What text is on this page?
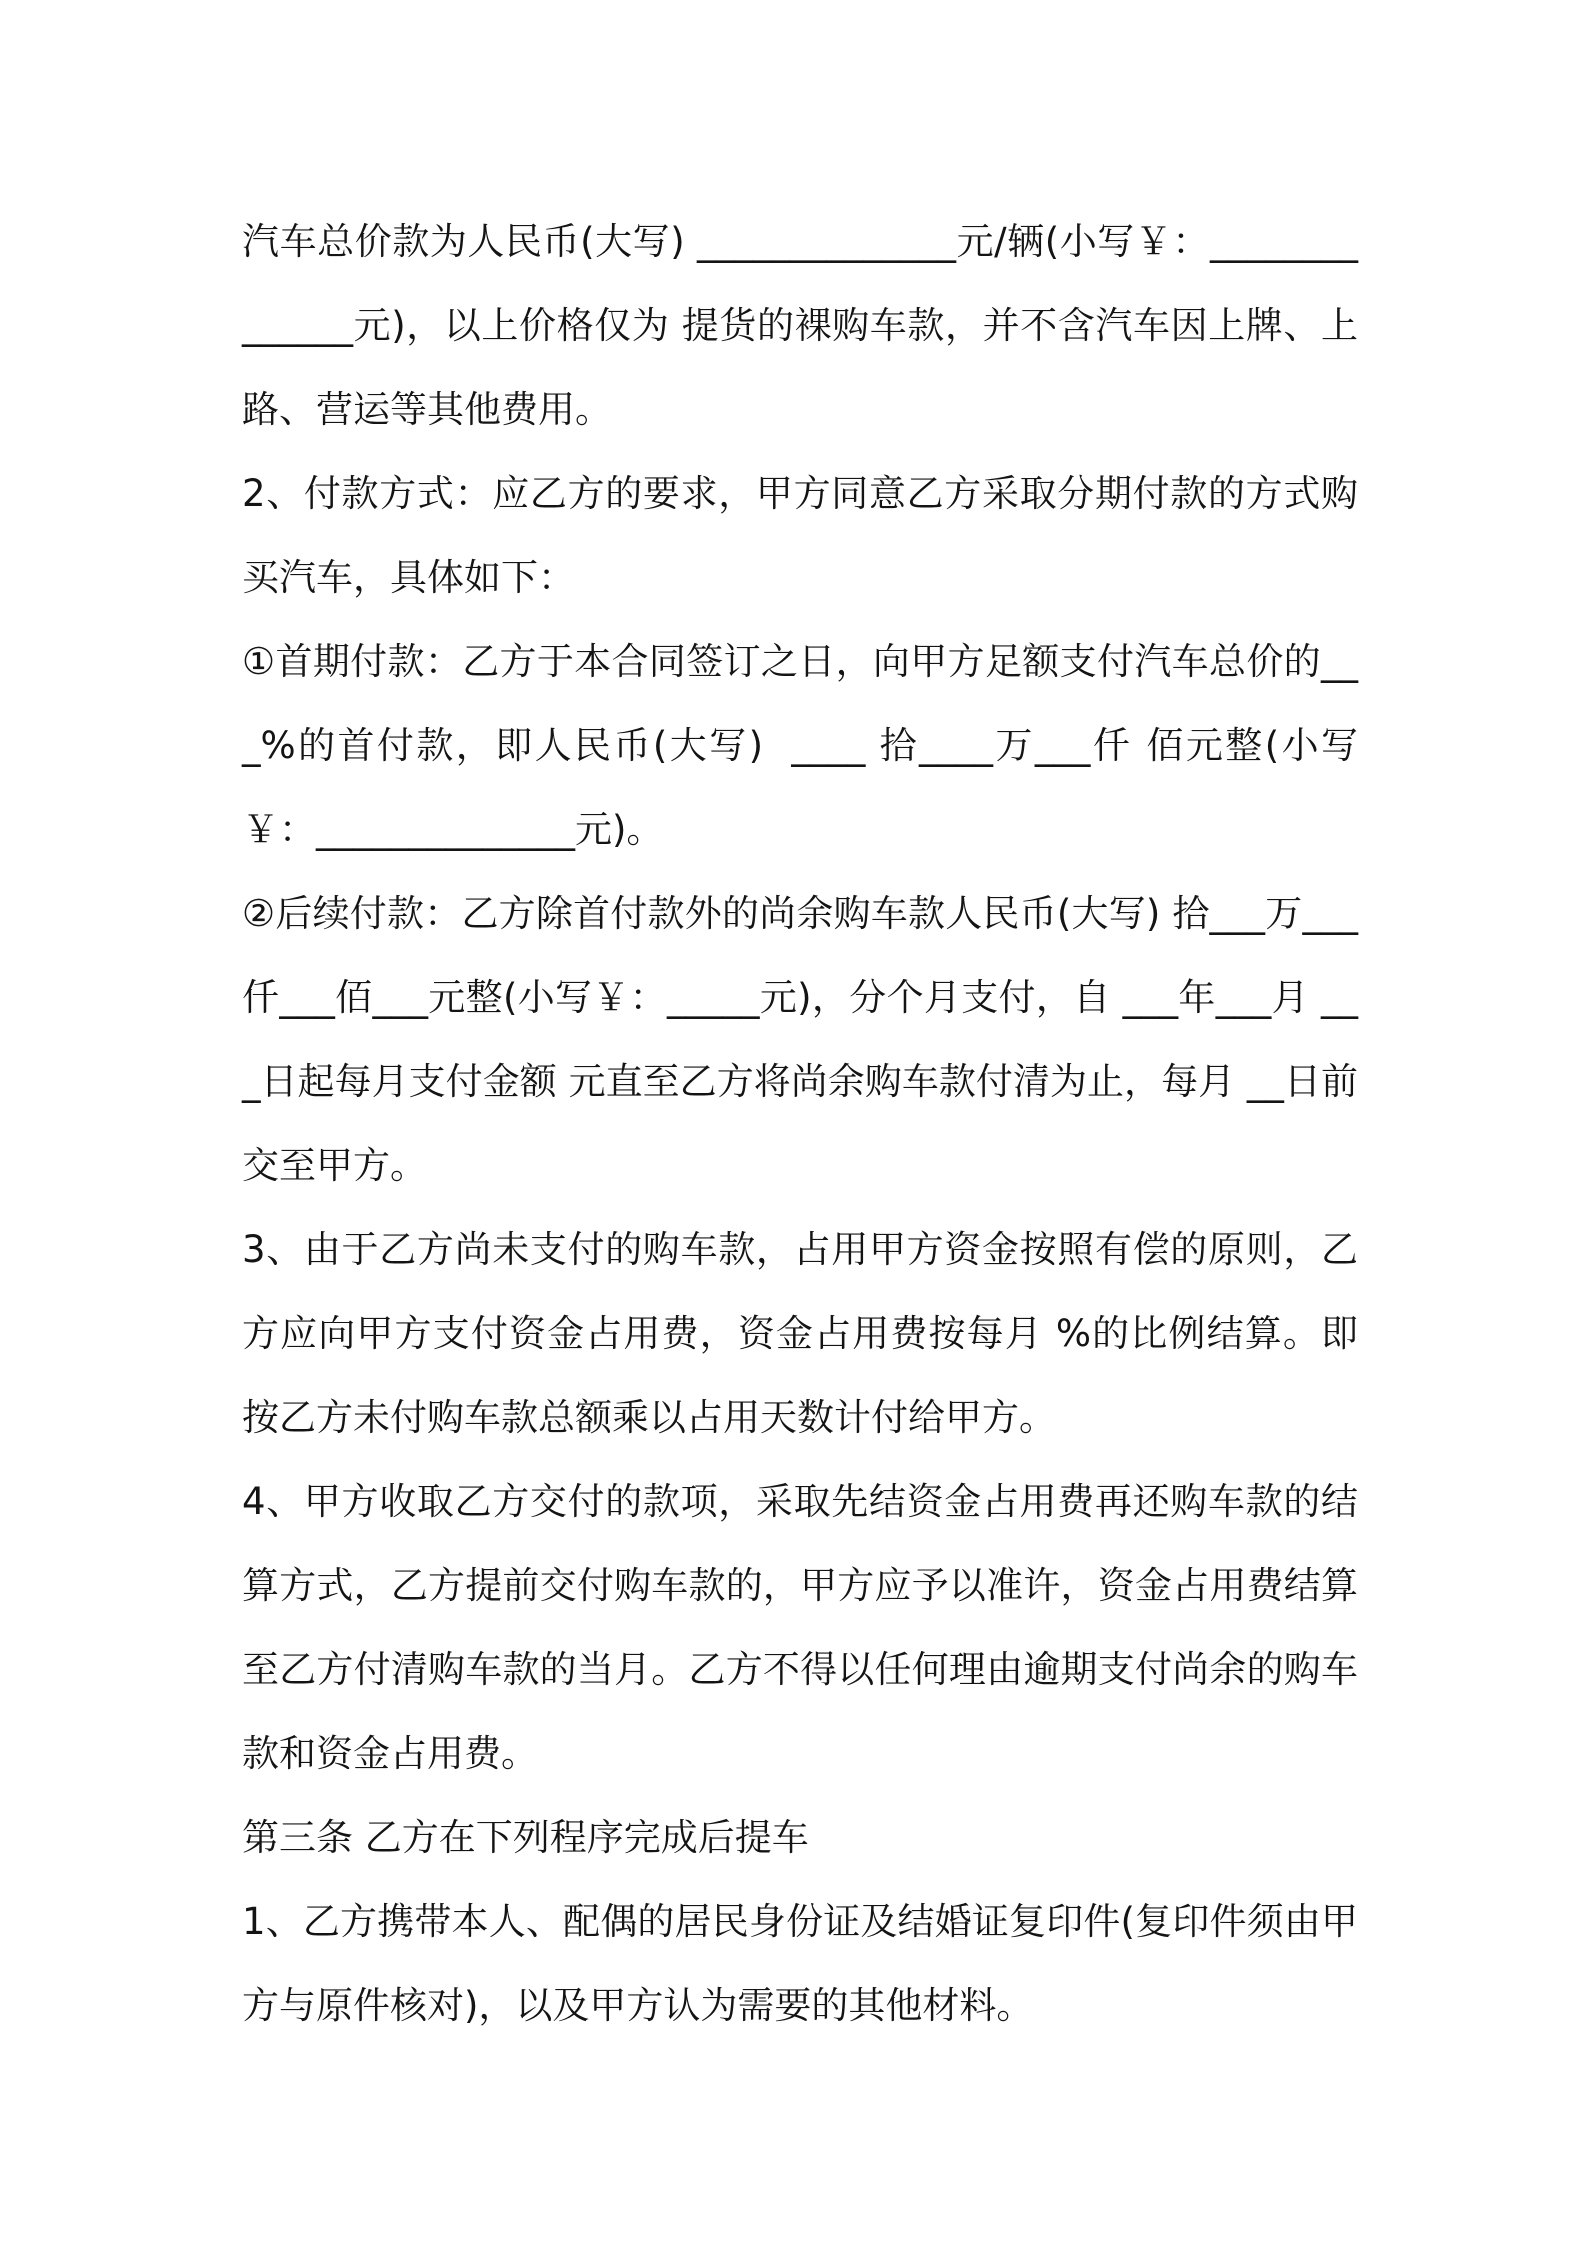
汽车总价款为人民币(大写) ______________元/辆(小写￥：______________元)，以上价格仅为 提货的裸购车款，并不含汽车因上牌、上路、营运等其他费用。

2、付款方式：应乙方的要求，甲方同意乙方采取分期付款的方式购买汽车，具体如下：

①首期付款：乙方于本合同签订之日，向甲方足额支付汽车总价的___%的首付款，即人民币(大写)  ____ 拾____万___仟 佰元整(小写￥：______________元)。

②后续付款：乙方除首付款外的尚余购车款人民币(大写) 拾___万___仟___佰___元整(小写￥：_____元)，分个月支付，自 ___年___月 ___日起每月支付金额 元直至乙方将尚余购车款付清为止，每月 __日前交至甲方。

3、由于乙方尚未支付的购车款，占用甲方资金按照有偿的原则，乙方应向甲方支付资金占用费，资金占用费按每月 %的比例结算。即按乙方未付购车款总额乘以占用天数计付给甲方。

4、甲方收取乙方交付的款项，采取先结资金占用费再还购车款的结算方式，乙方提前交付购车款的，甲方应予以准许，资金占用费结算至乙方付清购车款的当月。乙方不得以任何理由逾期支付尚余的购车款和资金占用费。

第三条 乙方在下列程序完成后提车

1、乙方携带本人、配偶的居民身份证及结婚证复印件(复印件须由甲方与原件核对)，以及甲方认为需要的其他材料。
